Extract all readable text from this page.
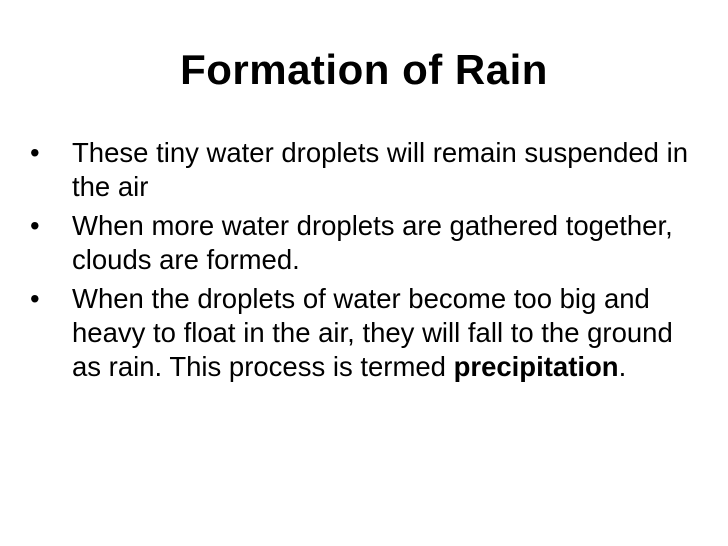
Formation of Rain
•	These tiny water droplets will remain suspended in the air
•	When more water droplets are gathered together, clouds are formed.
•	When the droplets of water become too big and heavy to float in the air, they will fall to the ground as rain. This process is termed precipitation.
